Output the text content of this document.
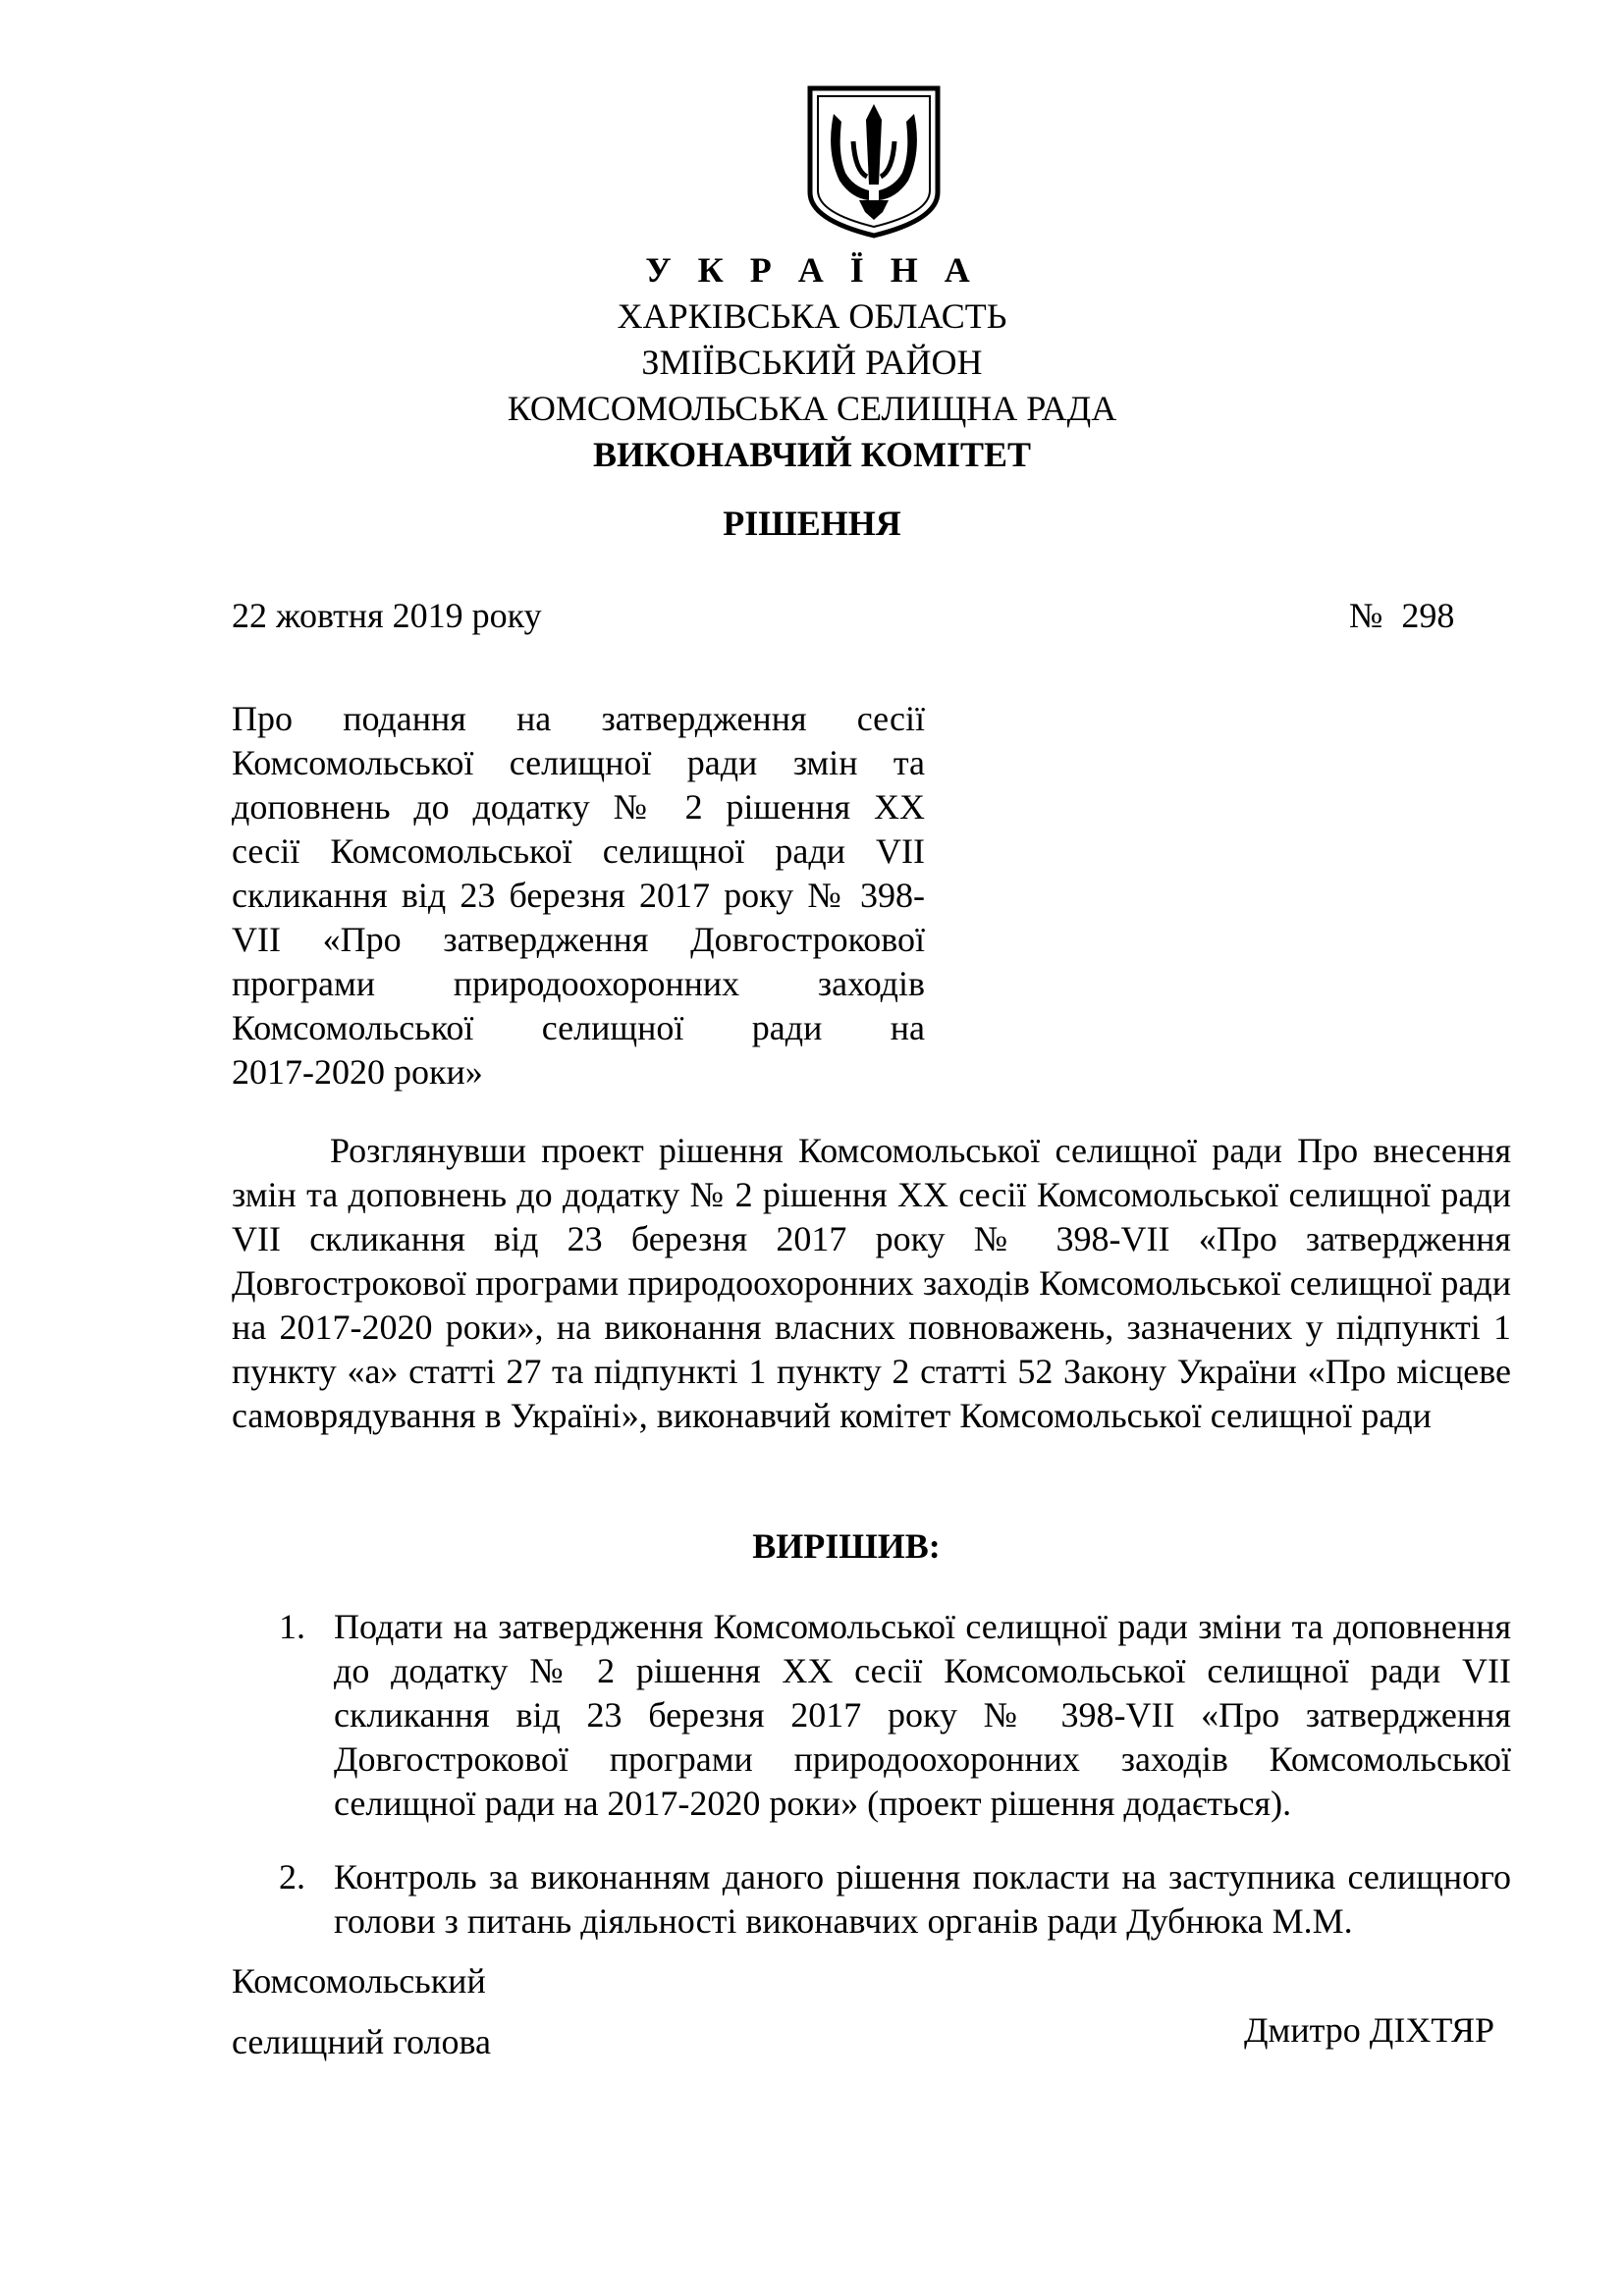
У К Р А Ї Н А
ХАРКІВСЬКА ОБЛАСТЬ
ЗМІЇВСЬКИЙ РАЙОН
КОМСОМОЛЬСЬКА СЕЛИЩНА РАДА
ВИКОНАВЧИЙ КОМІТЕТ
РІШЕННЯ
22 жовтня 2019 року	№ 298
Про подання на затвердження сесії
Комсомольської селищної ради змін та
доповнень до додатку № 2 рішення ХХ
сесії Комсомольської селищної ради VII
скликання від 23 березня 2017 року № 398-
VII «Про затвердження Довгострокової
програми природоохоронних заходів
Комсомольської селищної ради на
2017-2020 роки»

Розглянувши проект рішення Комсомольської селищної ради Про внесення змін та доповнень до додатку № 2 рішення ХХ сесії Комсомольської селищної ради VII скликання від 23 березня 2017 року № 398-VII «Про затвердження Довгострокової програми природоохоронних заходів Комсомольської селищної ради на 2017-2020 роки», на виконання власних повноважень, зазначених у підпункті 1 пункту «а» статті 27 та підпункті 1 пункту 2 статті 52 Закону України «Про місцеве самоврядування в Україні», виконавчий комітет Комсомольської селищної ради

ВИРІШИВ:
1. Подати на затвердження Комсомольської селищної ради зміни та доповнення до додатку № 2 рішення ХХ сесії Комсомольської селищної ради VII скликання від 23 березня 2017 року № 398-VII «Про затвердження Довгострокової програми природоохоронних заходів Комсомольської селищної ради на 2017-2020 роки» (проект рішення додається).
2. Контроль за виконанням даного рішення покласти на заступника селищного голови з питань діяльності виконавчих органів ради Дубнюка М.М.
Комсомольський
селищний голова	Дмитро ДІХТЯР
